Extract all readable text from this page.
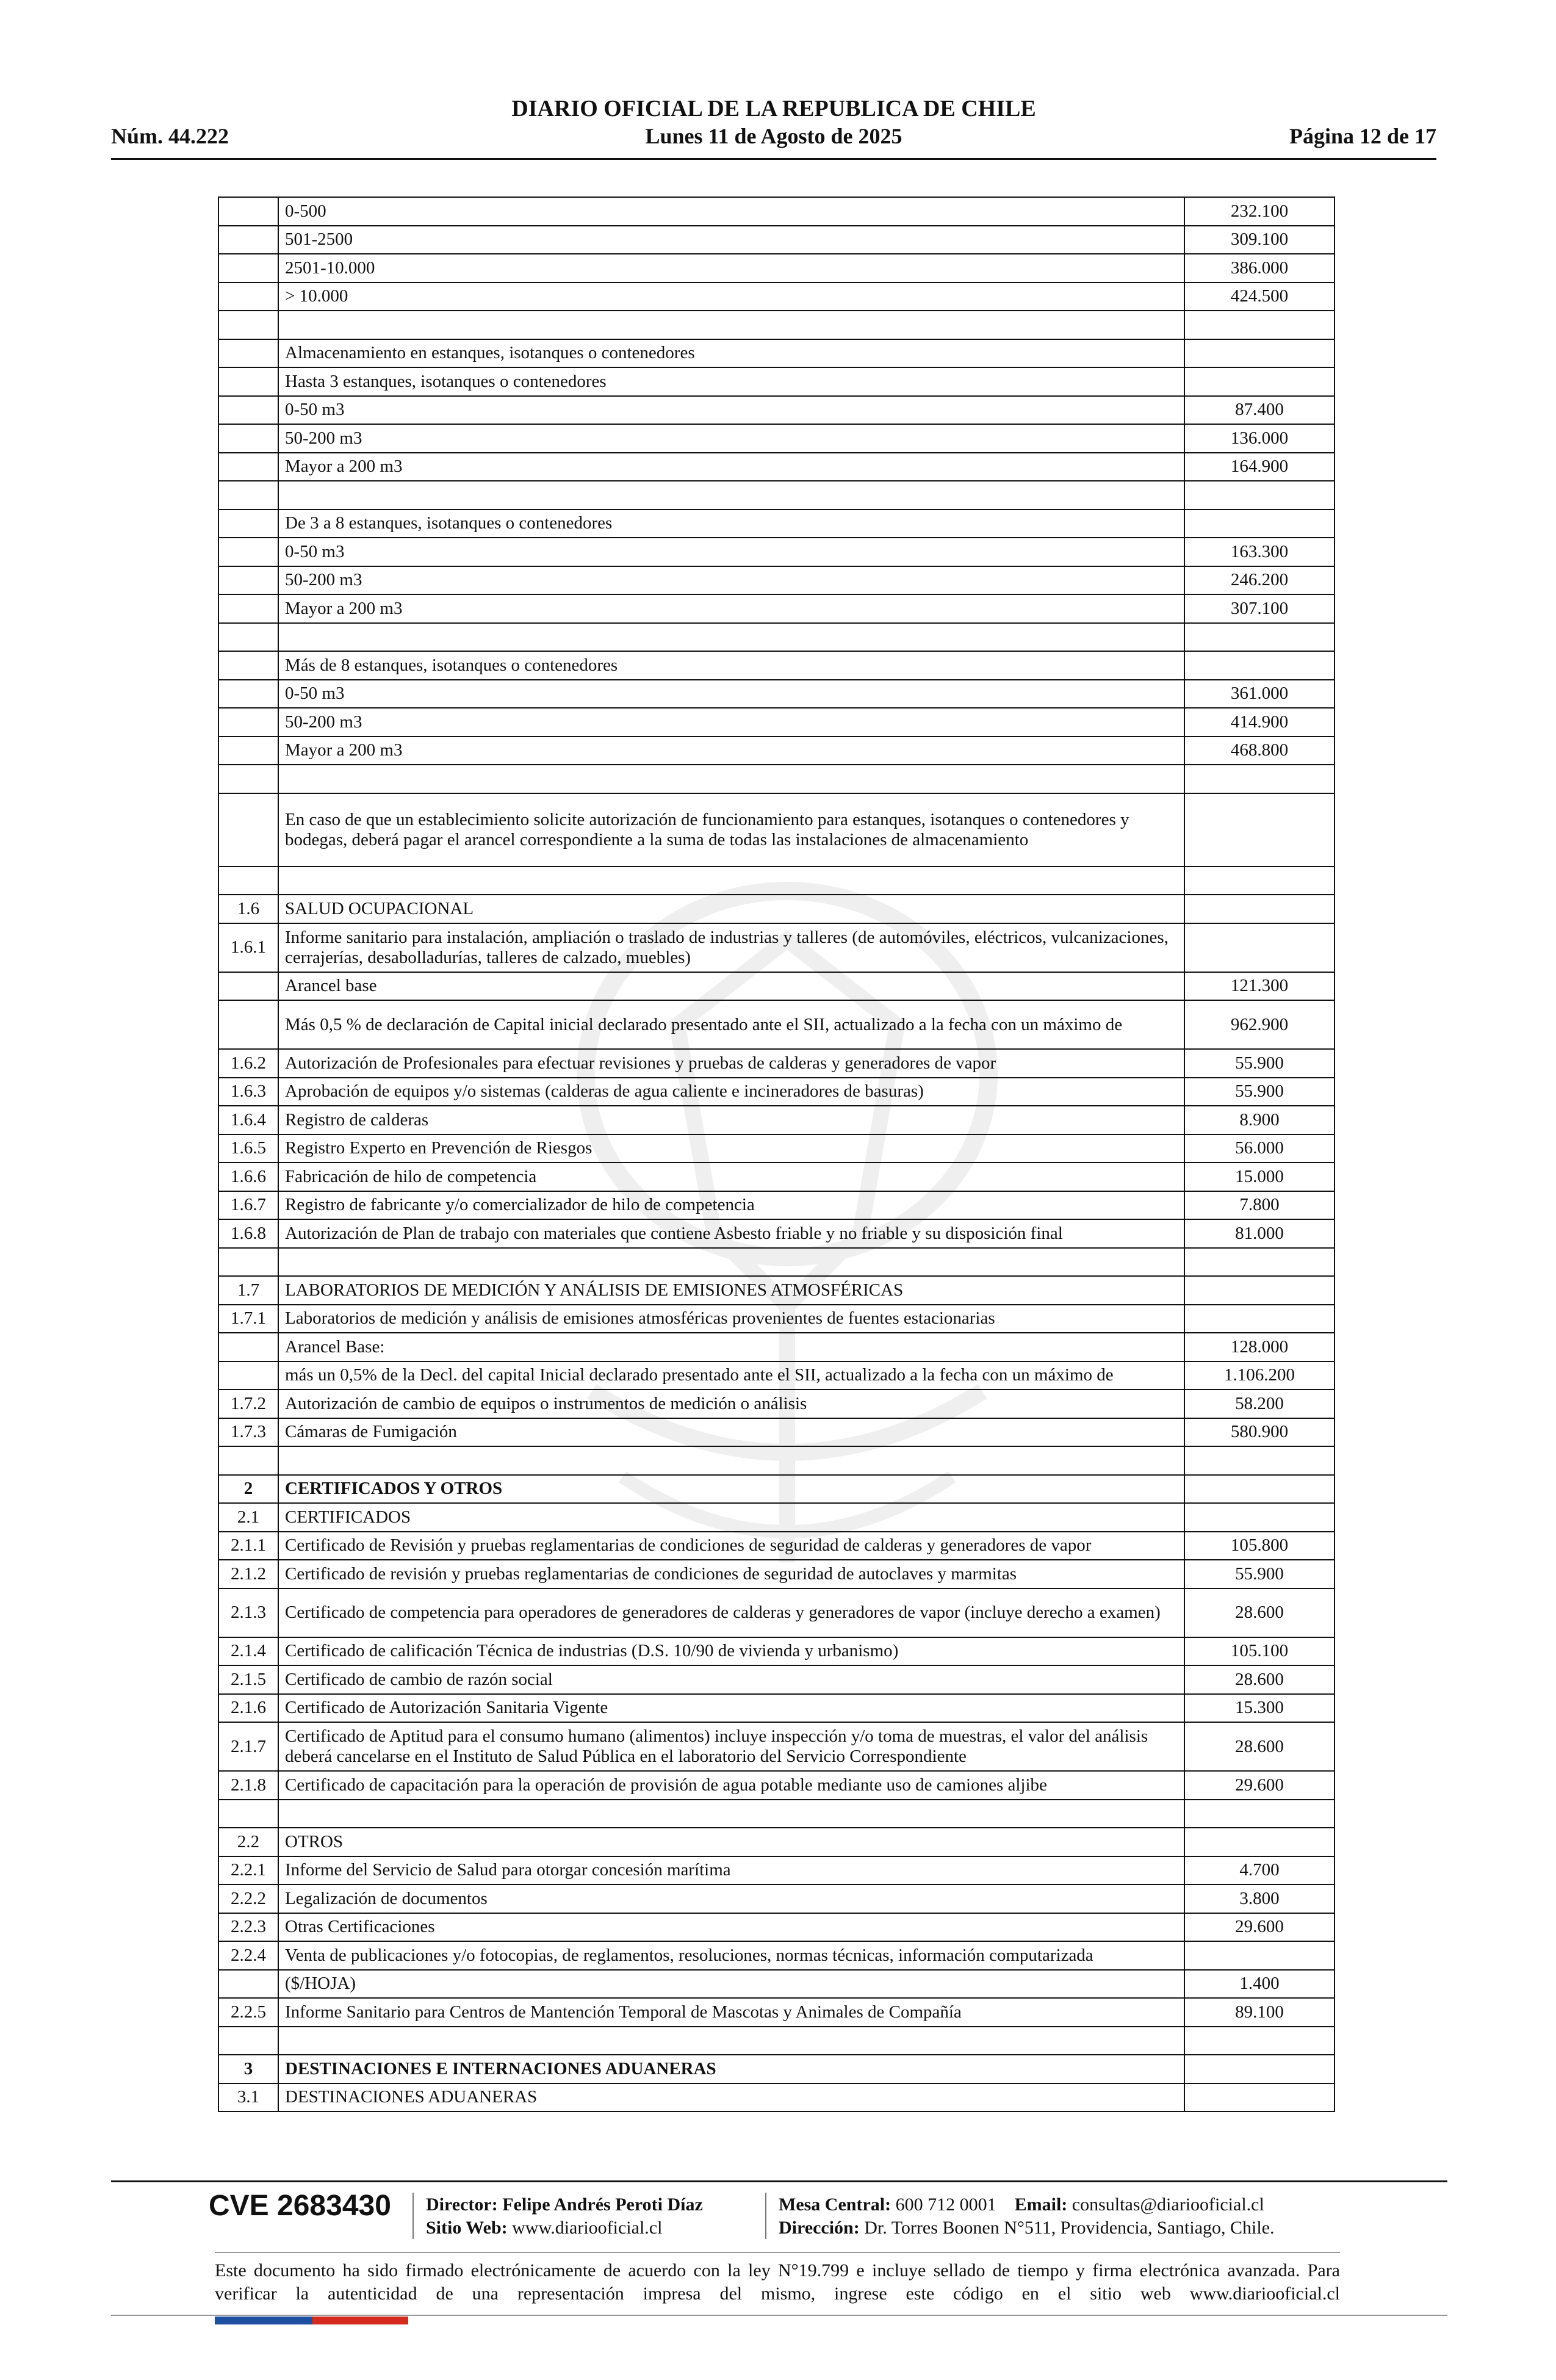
DIARIO OFICIAL DE LA REPUBLICA DE CHILE
Núm. 44.222	Lunes 11 de Agosto de 2025	Página 12 de 17
	0-500	232.100
	501-2500	309.100
	2501-10.000	386.000
	> 10.000	424.500

	Almacenamiento en estanques, isotanques o contenedores	
	Hasta 3 estanques, isotanques o contenedores	
	0-50 m3	87.400
	50-200 m3	136.000
	Mayor a 200 m3	164.900

	De 3 a 8 estanques, isotanques o contenedores	
	0-50 m3	163.300
	50-200 m3	246.200
	Mayor a 200 m3	307.100

	Más de 8 estanques, isotanques o contenedores	
	0-50 m3	361.000
	50-200 m3	414.900
	Mayor a 200 m3	468.800

	En caso de que un establecimiento solicite autorización de funcionamiento para estanques, isotanques o contenedores y bodegas, deberá pagar el arancel correspondiente a la suma de todas las instalaciones de almacenamiento	

1.6	SALUD OCUPACIONAL	
1.6.1	Informe sanitario para instalación, ampliación o traslado de industrias y talleres (de automóviles, eléctricos, vulcanizaciones, cerrajerías, desabolladurías, talleres de calzado, muebles)	
	Arancel base	121.300
	Más 0,5 % de declaración de Capital inicial declarado presentado ante el SII, actualizado a la fecha con un máximo de	962.900
1.6.2	Autorización de Profesionales para efectuar revisiones y pruebas de calderas y generadores de vapor	55.900
1.6.3	Aprobación de equipos y/o sistemas (calderas de agua caliente e incineradores de basuras)	55.900
1.6.4	Registro de calderas	8.900
1.6.5	Registro Experto en Prevención de Riesgos	56.000
1.6.6	Fabricación de hilo de competencia	15.000
1.6.7	Registro de fabricante y/o comercializador de hilo de competencia	7.800
1.6.8	Autorización de Plan de trabajo con materiales que contiene Asbesto friable y no friable y su disposición final	81.000

1.7	LABORATORIOS DE MEDICIÓN Y ANÁLISIS DE EMISIONES ATMOSFÉRICAS	
1.7.1	Laboratorios de medición y análisis de emisiones atmosféricas provenientes de fuentes estacionarias	
	Arancel Base:	128.000
	más un 0,5% de la Decl. del capital Inicial declarado presentado ante el SII, actualizado a la fecha con un máximo de	1.106.200
1.7.2	Autorización de cambio de equipos o instrumentos de medición o análisis	58.200
1.7.3	Cámaras de Fumigación	580.900

2	CERTIFICADOS Y OTROS	
2.1	CERTIFICADOS	
2.1.1	Certificado de Revisión y pruebas reglamentarias de condiciones de seguridad de calderas y generadores de vapor	105.800
2.1.2	Certificado de revisión y pruebas reglamentarias de condiciones de seguridad de autoclaves y marmitas	55.900
2.1.3	Certificado de competencia para operadores de generadores de calderas y generadores de vapor (incluye derecho a examen)	28.600
2.1.4	Certificado de calificación Técnica de industrias (D.S. 10/90 de vivienda y urbanismo)	105.100
2.1.5	Certificado de cambio de razón social	28.600
2.1.6	Certificado de Autorización Sanitaria Vigente	15.300
2.1.7	Certificado de Aptitud para el consumo humano (alimentos) incluye inspección y/o toma de muestras, el valor del análisis deberá cancelarse en el Instituto de Salud Pública en el laboratorio del Servicio Correspondiente	28.600
2.1.8	Certificado de capacitación para la operación de provisión de agua potable mediante uso de camiones aljibe	29.600

2.2	OTROS	
2.2.1	Informe del Servicio de Salud para otorgar concesión marítima	4.700
2.2.2	Legalización de documentos	3.800
2.2.3	Otras Certificaciones	29.600
2.2.4	Venta de publicaciones y/o fotocopias, de reglamentos, resoluciones, normas técnicas, información computarizada	
	($/HOJA)	1.400
2.2.5	Informe Sanitario para Centros de Mantención Temporal de Mascotas y Animales de Compañía	89.100

3	DESTINACIONES E INTERNACIONES ADUANERAS	
3.1	DESTINACIONES ADUANERAS	
CVE 2683430 Director: Felipe Andrés Peroti Díaz
Sitio Web: www.diariooficial.cl
Mesa Central: 600 712 0001 Email: consultas@diariooficial.cl
Dirección: Dr. Torres Boonen N°511, Providencia, Santiago, Chile.
Este documento ha sido firmado electrónicamente de acuerdo con la ley N°19.799 e incluye sellado de tiempo y firma electrónica avanzada. Para verificar la autenticidad de una representación impresa del mismo, ingrese este código en el sitio web www.diariooficial.cl
